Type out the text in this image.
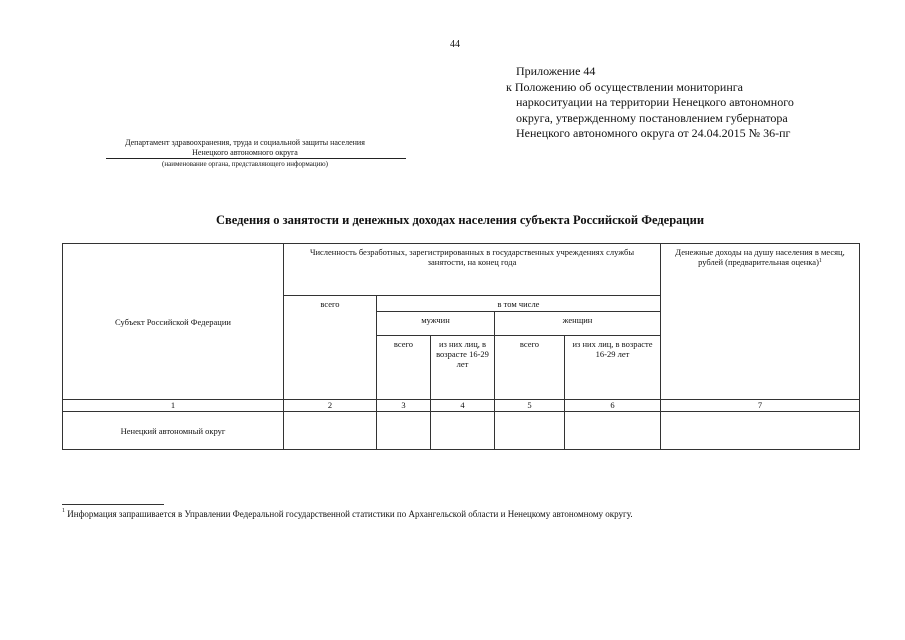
44
Приложение 44
к Положению об осуществлении мониторинга
наркоситуации на территории Ненецкого автономного
округа, утвержденному постановлением губернатора
Ненецкого автономного округа от 24.04.2015 № 36-пг
Департамент здравоохранения, труда и социальной защиты населения
Ненецкого автономного округа
(наименование органа, представляющего информацию)
Сведения о занятости и денежных доходах населения субъекта Российской Федерации
Субъект Российской Федерации	Численность безработных, зарегистрированных в государственных учреждениях службы занятости, на конец года					Денежные доходы на душу населения в месяц, рублей (предварительная оценка)$^1$
	всего	в том числе				
		мужчин		женщин		
		всего	из них лиц, в возрасте 16-29 лет	всего	из них лиц, в возрасте 16-29 лет	
1	2	3	4	5	6	7
Ненецкий автономный округ						
$^1$ Информация запрашивается в Управлении Федеральной государственной статистики по Архангельской области и Ненецкому автономному округу.
